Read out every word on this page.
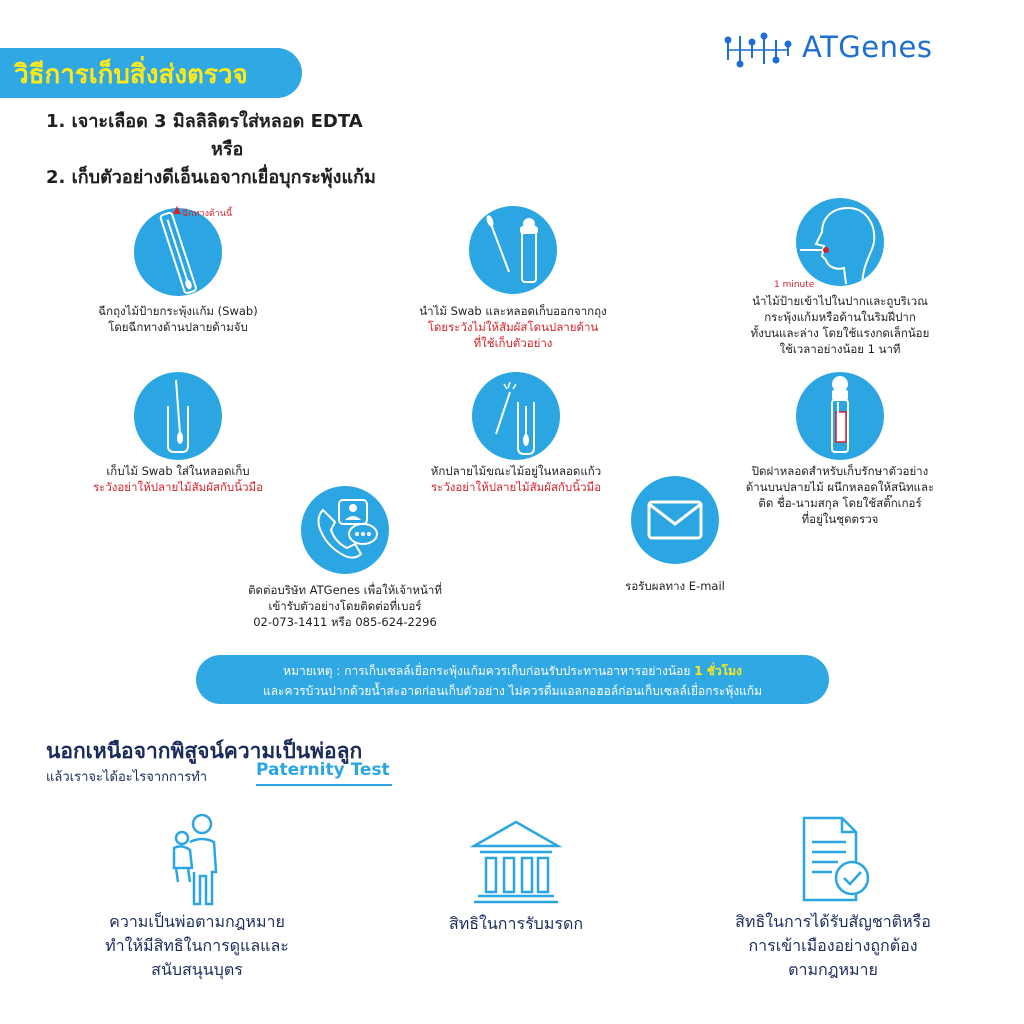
ATGenes
วิธีการเก็บสิ่งส่งตรวจ
1. เจาะเลือด 3 มิลลิลิตรใส่หลอด EDTA
หรือ
2. เก็บตัวอย่างดีเอ็นเอจากเยื่อบุกระพุ้งแก้ม
ฉีกทางด้านนี้
ฉีกถุงไม้ป้ายกระพุ้งแก้ม (Swab)
โดยฉีกทางด้านปลายด้ามจับ
นำไม้ Swab และหลอดเก็บออกจากถุง
โดยระวังไม่ให้สัมผัสโดนปลายด้าน
ที่ใช้เก็บตัวอย่าง
1 minute
นำไม้ป้ายเข้าไปในปากและถูบริเวณ
กระพุ้งแก้มหรือด้านในริมฝีปาก
ทั้งบนและล่าง โดยใช้แรงกดเล็กน้อย
ใช้เวลาอย่างน้อย 1 นาที
เก็บไม้ Swab ใส่ในหลอดเก็บ
ระวังอย่าให้ปลายไม้สัมผัสกับนิ้วมือ
หักปลายไม้ขณะไม้อยู่ในหลอดแก้ว
ระวังอย่าให้ปลายไม้สัมผัสกับนิ้วมือ
ปิดฝาหลอดสำหรับเก็บรักษาตัวอย่าง
ด้านบนปลายไม้ ผนึกหลอดให้สนิทและ
ติด ชื่อ-นามสกุล โดยใช้สติ๊กเกอร์
ที่อยู่ในชุดตรวจ
ติดต่อบริษัท ATGenes เพื่อให้เจ้าหน้าที่
เข้ารับตัวอย่างโดยติดต่อที่เบอร์
02-073-1411 หรือ 085-624-2296
รอรับผลทาง E-mail
หมายเหตุ : การเก็บเซลล์เยื่อกระพุ้งแก้มควรเก็บก่อนรับประทานอาหารอย่างน้อย 1 ชั่วโมง
และควรบ้วนปากด้วยน้ำสะอาดก่อนเก็บตัวอย่าง ไม่ควรดื่มแอลกอฮอล์ก่อนเก็บเซลล์เยื่อกระพุ้งแก้ม
นอกเหนือจากพิสูจน์ความเป็นพ่อลูก
แล้วเราจะได้อะไรจากการทำ	Paternity Test
ความเป็นพ่อตามกฎหมาย
ทำให้มีสิทธิในการดูแลและ
สนับสนุนบุตร
สิทธิในการรับมรดก	สิทธิในการได้รับสัญชาติหรือ
การเข้าเมืองอย่างถูกต้อง
ตามกฎหมาย
